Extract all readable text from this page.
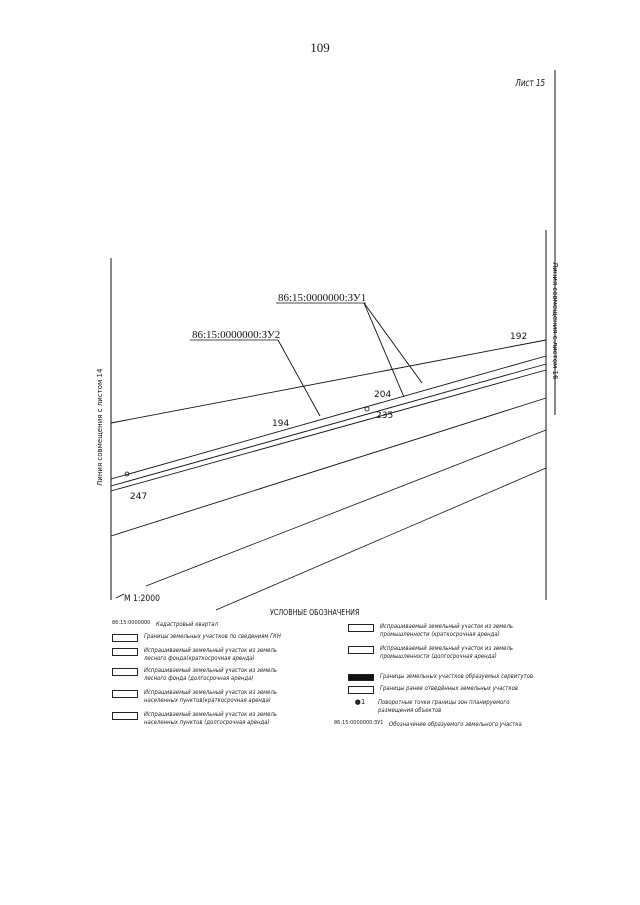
109
Лист 15
86:15:0000000:ЗУ1
86:15:0000000:ЗУ2	192
204
235
194
247
Линия совмещения с листом 14
Линия совмещения с листом 16
М 1:2000
УСЛОВНЫЕ ОБОЗНАЧЕНИЯ
86:15:0000000 Кадастровый квартал
Границы земельных участков по сведениям ГКН
Испрашиваемый земельный участок из земель лесного фонда(краткосрочная аренда)
Испрашиваемый земельный участок из земель лесного фонда (долгосрочная аренда)
Испрашиваемый земельный участок из земель населенных пунктов(краткосрочная аренда)
Испрашиваемый земельный участок из земель населенных пунктов (долгосрочная аренда)
Испрашиваемый земельный участок из земель промышленности (краткосрочная аренда)
Испрашиваемый земельный участок из земель промышленности (долгосрочная аренда)
Границы земельных участков образуемых сервитутов
Границы ранее отведённых земельных участков
●1	Поворотные точки границы зон планируемого размещения объектов
86:15:0000000:ЗУ1 Обозначение образуемого земельного участка
